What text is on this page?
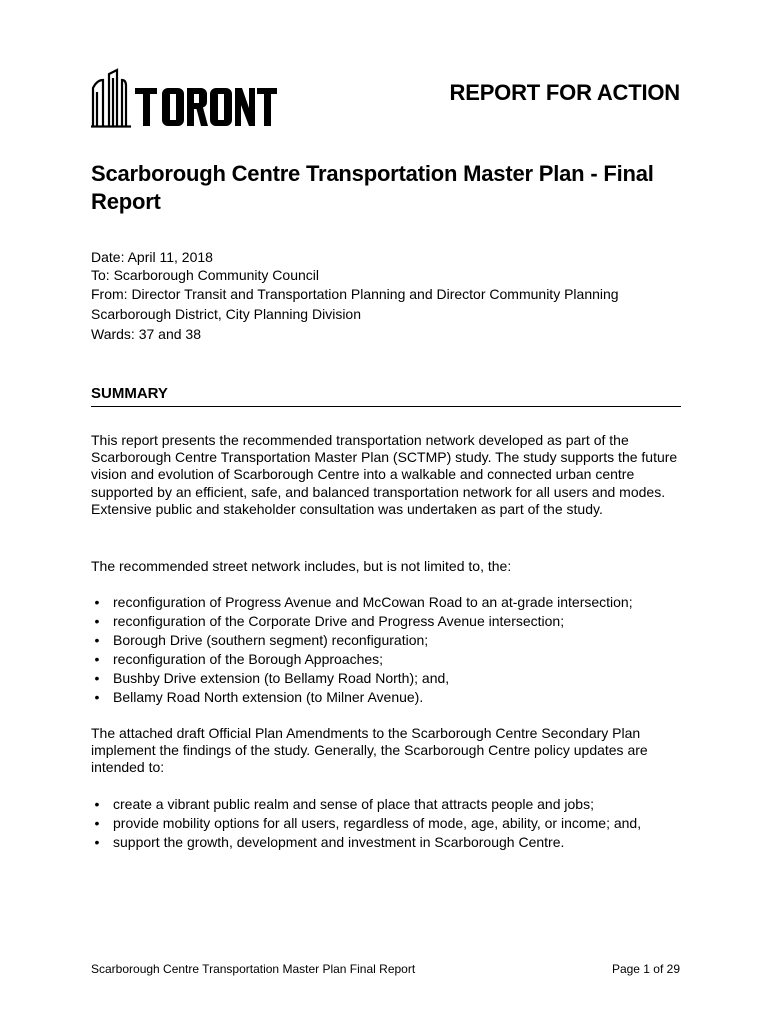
REPORT FOR ACTION
Scarborough Centre Transportation Master Plan - Final Report
Date: April 11, 2018
To: Scarborough Community Council
From: Director Transit and Transportation Planning and Director Community Planning
Scarborough District, City Planning Division
Wards: 37 and 38
SUMMARY
This report presents the recommended transportation network developed as part of the Scarborough Centre Transportation Master Plan (SCTMP) study. The study supports the future vision and evolution of Scarborough Centre into a walkable and connected urban centre supported by an efficient, safe, and balanced transportation network for all users and modes. Extensive public and stakeholder consultation was undertaken as part of the study.
The recommended street network includes, but is not limited to, the:
• reconfiguration of Progress Avenue and McCowan Road to an at-grade intersection;
• reconfiguration of the Corporate Drive and Progress Avenue intersection;
• Borough Drive (southern segment) reconfiguration;
• reconfiguration of the Borough Approaches;
• Bushby Drive extension (to Bellamy Road North); and,
• Bellamy Road North extension (to Milner Avenue).
The attached draft Official Plan Amendments to the Scarborough Centre Secondary Plan implement the findings of the study. Generally, the Scarborough Centre policy updates are intended to:
• create a vibrant public realm and sense of place that attracts people and jobs;
• provide mobility options for all users, regardless of mode, age, ability, or income; and,
• support the growth, development and investment in Scarborough Centre.
Scarborough Centre Transportation Master Plan Final Report	Page 1 of 29
